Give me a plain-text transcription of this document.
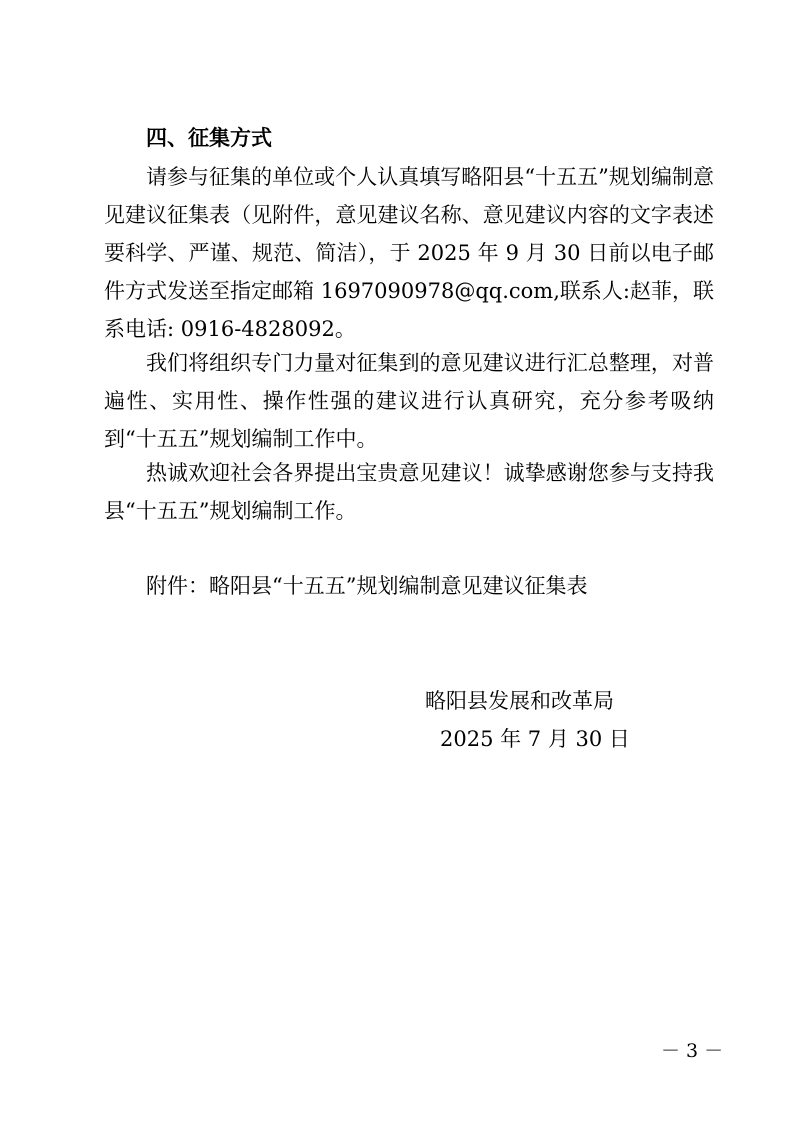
四、征集方式

请参与征集的单位或个人认真填写略阳县“十五五”规划编制意见建议征集表（见附件，意见建议名称、意见建议内容的文字表述要科学、严谨、规范、简洁），于 2025 年 9 月 30 日前以电子邮件方式发送至指定邮箱 1697090978@qq.com,联系人:赵菲，联系电话: 0916-4828092。

我们将组织专门力量对征集到的意见建议进行汇总整理，对普遍性、实用性、操作性强的建议进行认真研究，充分参考吸纳到“十五五”规划编制工作中。

热诚欢迎社会各界提出宝贵意见建议！诚挚感谢您参与支持我县“十五五”规划编制工作。

附件：略阳县“十五五”规划编制意见建议征集表
略阳县发展和改革局
2025 年 7 月 30 日
－ 3 －
